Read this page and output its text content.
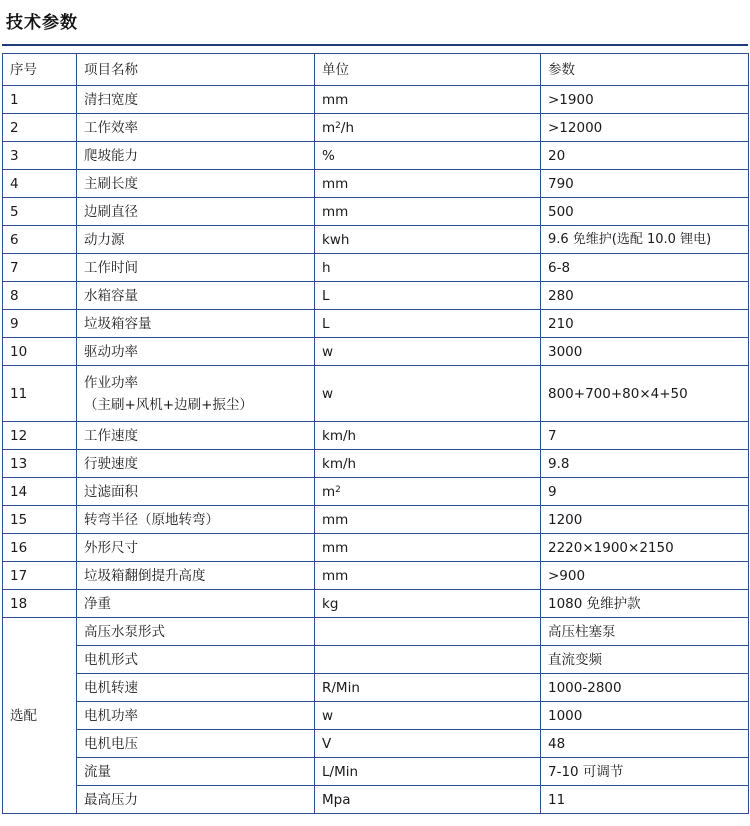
技术参数
序号	项目名称	单位	参数
1	清扫宽度	mm	>1900
2	工作效率	$m^2/h$	>12000
3	爬坡能力	%	20
4	主刷长度	mm	790
5	边刷直径	mm	500
6	动力源	kwh	9.6 免维护(选配 10.0 锂电)
7	工作时间	h	6-8
8	水箱容量	L	280
9	垃圾箱容量	L	210
10	驱动功率	w	3000
11	作业功率
（主刷+风机+边刷+振尘）	w	800+700+80×4+50
12	工作速度	km/h	7
13	行驶速度	km/h	9.8
14	过滤面积	$m^2$	9
15	转弯半径（原地转弯）	mm	1200
16	外形尺寸	mm	2220×1900×2150
17	垃圾箱翻倒提升高度	mm	>900
18	净重	kg	1080 免维护款
选配	高压水泵形式		高压柱塞泵
	电机形式		直流变频
	电机转速	R/Min	1000-2800
	电机功率	w	1000
	电机电压	V	48
	流量	L/Min	7-10 可调节
	最高压力	Mpa	11
